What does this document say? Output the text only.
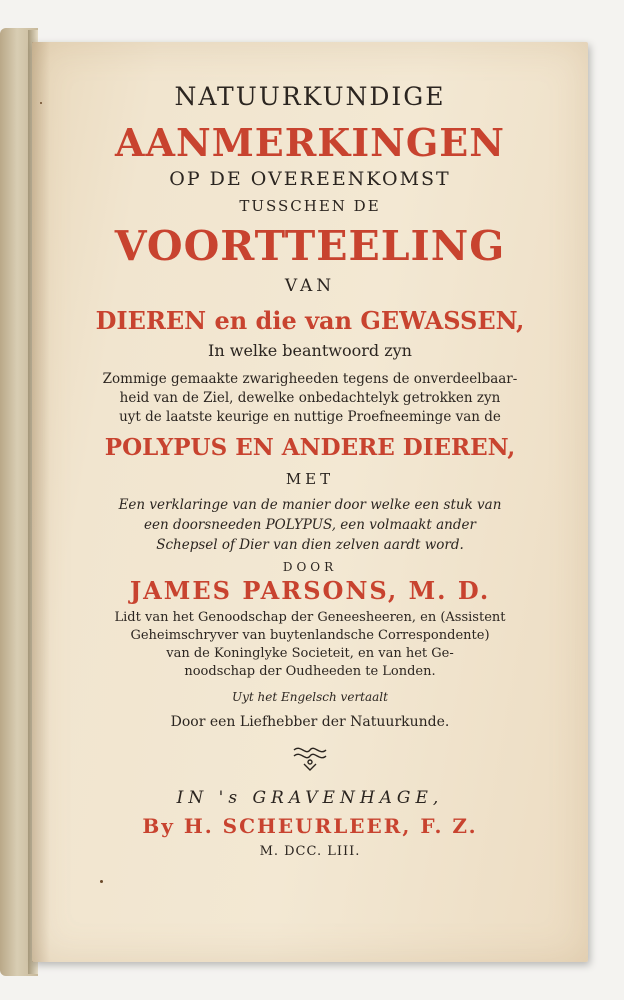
NATUURKUNDIGE
AANMERKINGEN
OP DE OVEREENKOMST
TUSSCHEN DE
VOORTTEELING
VAN
DIEREN en die van GEWASSEN,
In welke beantwoord zyn
Zommige gemaakte zwarigheeden tegens de onverdeelbaar-
heid van de Ziel, dewelke onbedachtelyk getrokken zyn
uyt de laatste keurige en nuttige Proefneeminge van de
POLYPUS EN ANDERE DIEREN,
MET
Een verklaringe van de manier door welke een stuk van
een doorsneeden POLYPUS, een volmaakt ander
Schepsel of Dier van dien zelven aardt word.
DOOR
JAMES PARSONS, M. D.
Lidt van het Genoodschap der Geneesheeren, en (Assistent
Geheimschryver van buytenlandsche Correspondente)
van de Koninglyke Societeit, en van het Ge-
noodschap der Oudheeden te Londen.
Uyt het Engelsch vertaalt
Door een Liefhebber der Natuurkunde.
IN 's GRAVENHAGE,
By H. SCHEURLEER, F. Z.
M. DCC. LIII.
